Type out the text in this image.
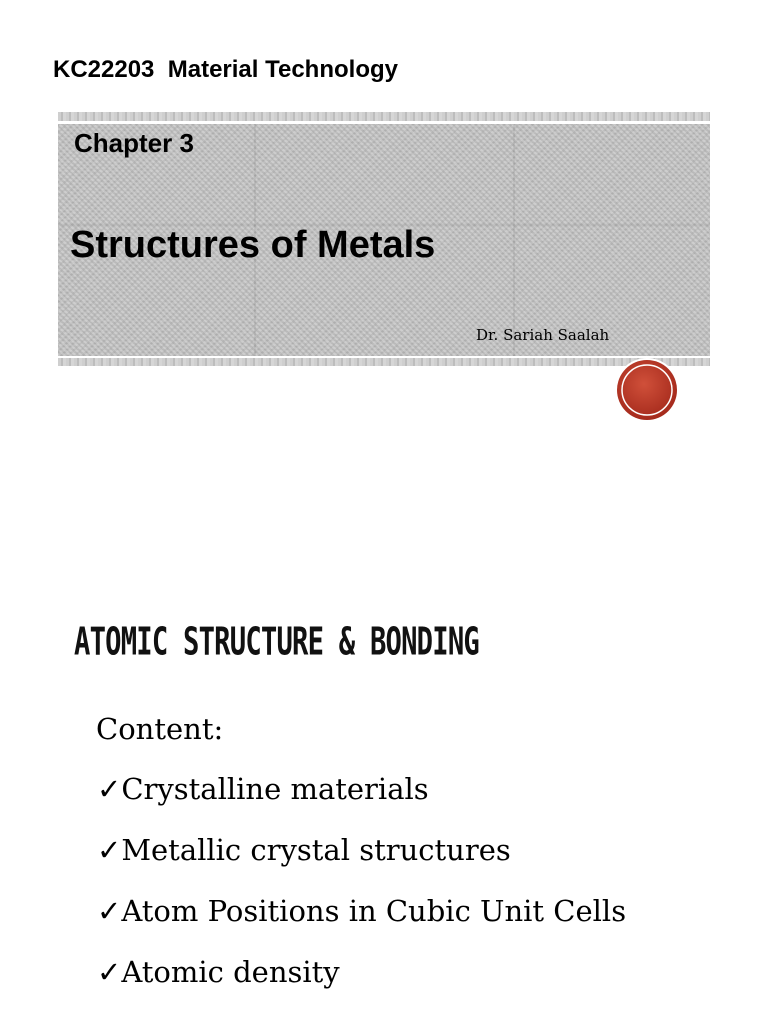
KC22203  Material Technology
Chapter 3
Structures of Metals
Dr. Sariah Saalah
ATOMIC STRUCTURE & BONDING
Content:
✓Crystalline materials
✓Metallic crystal structures
✓Atom Positions in Cubic Unit Cells
✓Atomic density
